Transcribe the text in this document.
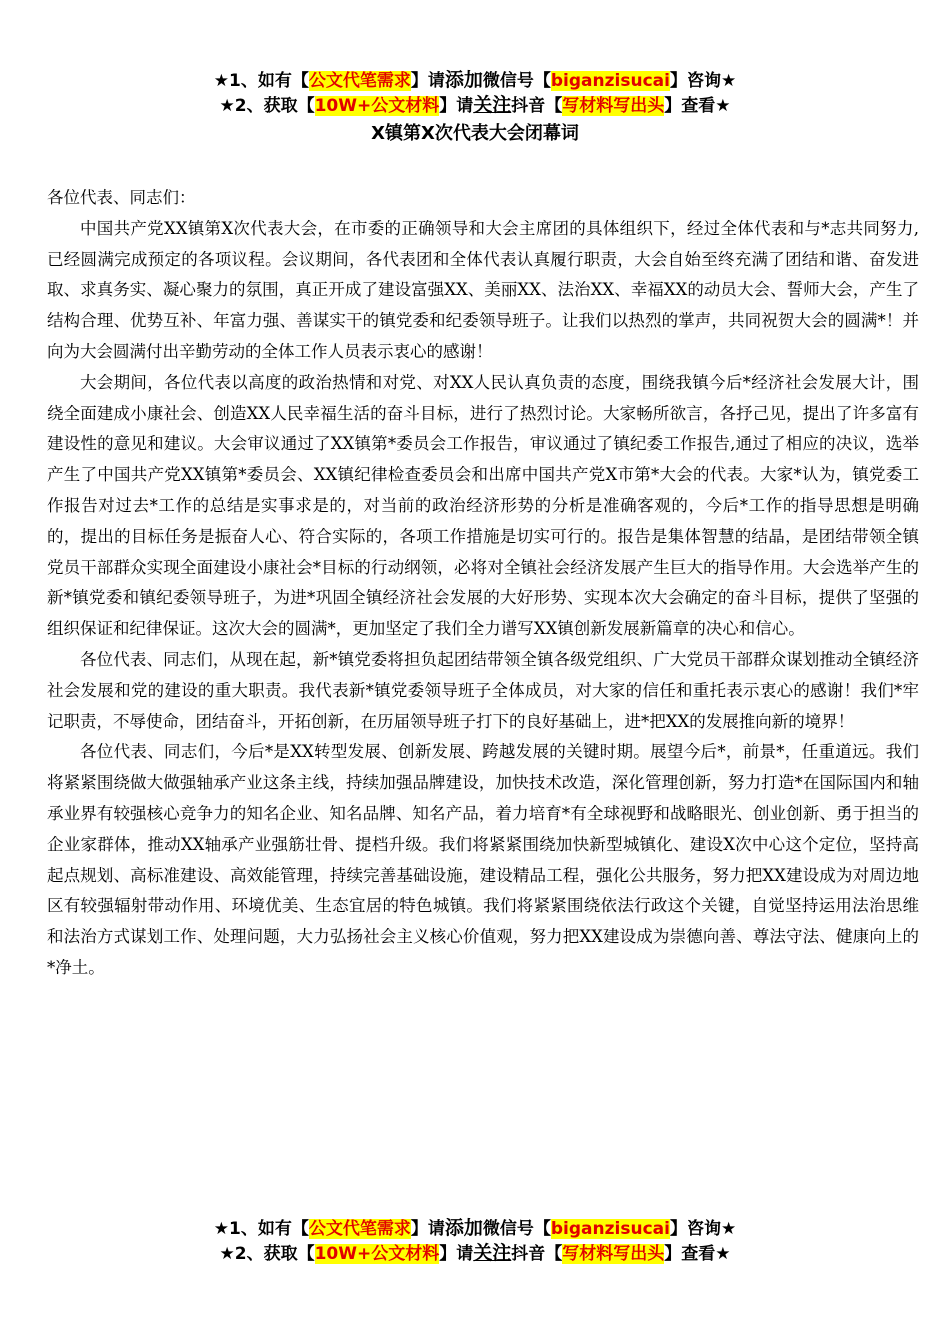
★1、如有【公文代笔需求】请添加微信号【biganzisucai】咨询★
★2、获取【10W+公文材料】请关注抖音【写材料写出头】查看★
X镇第X次代表大会闭幕词

各位代表、同志们：

中国共产党XX镇第X次代表大会，在市委的正确领导和大会主席团的具体组织下，经过全体代表和与*志共同努力,已经圆满完成预定的各项议程。会议期间，各代表团和全体代表认真履行职责，大会自始至终充满了团结和谐、奋发进取、求真务实、凝心聚力的氛围，真正开成了建设富强XX、美丽XX、法治XX、幸福XX的动员大会、誓师大会，产生了结构合理、优势互补、年富力强、善谋实干的镇党委和纪委领导班子。让我们以热烈的掌声，共同祝贺大会的圆满*！并向为大会圆满付出辛勤劳动的全体工作人员表示衷心的感谢！

大会期间，各位代表以高度的政治热情和对党、对XX人民认真负责的态度，围绕我镇今后*经济社会发展大计，围绕全面建成小康社会、创造XX人民幸福生活的奋斗目标，进行了热烈讨论。大家畅所欲言，各抒己见，提出了许多富有建设性的意见和建议。大会审议通过了XX镇第*委员会工作报告，审议通过了镇纪委工作报告,通过了相应的决议，选举产生了中国共产党XX镇第*委员会、XX镇纪律检查委员会和出席中国共产党X市第*大会的代表。大家*认为，镇党委工作报告对过去*工作的总结是实事求是的，对当前的政治经济形势的分析是准确客观的，今后*工作的指导思想是明确的，提出的目标任务是振奋人心、符合实际的，各项工作措施是切实可行的。报告是集体智慧的结晶，是团结带领全镇党员干部群众实现全面建设小康社会*目标的行动纲领，必将对全镇社会经济发展产生巨大的指导作用。大会选举产生的新*镇党委和镇纪委领导班子，为进*巩固全镇经济社会发展的大好形势、实现本次大会确定的奋斗目标，提供了坚强的组织保证和纪律保证。这次大会的圆满*，更加坚定了我们全力谱写XX镇创新发展新篇章的决心和信心。

各位代表、同志们，从现在起，新*镇党委将担负起团结带领全镇各级党组织、广大党员干部群众谋划推动全镇经济社会发展和党的建设的重大职责。我代表新*镇党委领导班子全体成员，对大家的信任和重托表示衷心的感谢！我们*牢记职责，不辱使命，团结奋斗，开拓创新，在历届领导班子打下的良好基础上，进*把XX的发展推向新的境界！

各位代表、同志们，今后*是XX转型发展、创新发展、跨越发展的关键时期。展望今后*，前景*，任重道远。我们将紧紧围绕做大做强轴承产业这条主线，持续加强品牌建设，加快技术改造，深化管理创新，努力打造*在国际国内和轴承业界有较强核心竞争力的知名企业、知名品牌、知名产品，着力培育*有全球视野和战略眼光、创业创新、勇于担当的企业家群体，推动XX轴承产业强筋壮骨、提档升级。我们将紧紧围绕加快新型城镇化、建设X次中心这个定位，坚持高起点规划、高标准建设、高效能管理，持续完善基础设施，建设精品工程，强化公共服务，努力把XX建设成为对周边地区有较强辐射带动作用、环境优美、生态宜居的特色城镇。我们将紧紧围绕依法行政这个关键，自觉坚持运用法治思维和法治方式谋划工作、处理问题，大力弘扬社会主义核心价值观，努力把XX建设成为崇德向善、尊法守法、健康向上的*净土。

★1、如有【公文代笔需求】请添加微信号【biganzisucai】咨询★
★2、获取【10W+公文材料】请关注抖音【写材料写出头】查看★
